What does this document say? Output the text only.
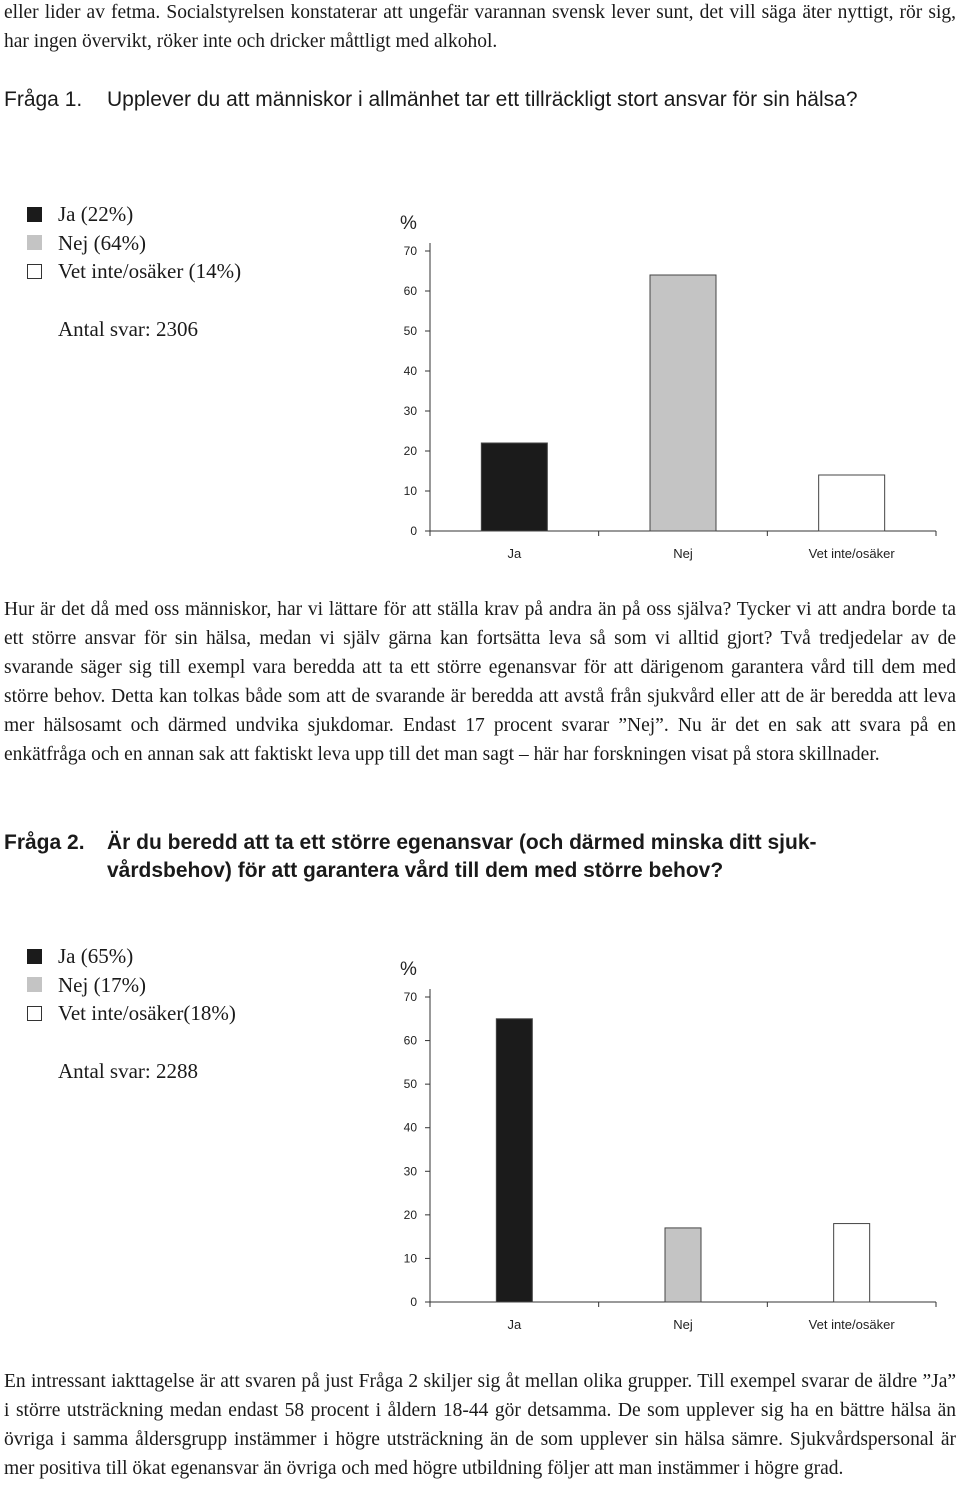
eller lider av fetma. Socialstyrelsen konstaterar att ungefär varannan svensk lever sunt, det vill säga äter nyttigt, rör sig, har ingen övervikt, röker inte och dricker måttligt med alkohol.

Fråga 1. Upplever du att människor i allmänhet tar ett tillräckligt stort ansvar för sin hälsa?
Ja (22%)
Nej (64%)
Vet inte/osäker (14%)
Antal svar: 2306
%
0
10
20
30
40
50
60
70
Ja	Nej	Vet inte/osäker

Hur är det då med oss människor, har vi lättare för att ställa krav på andra än på oss själva? Tycker vi att andra borde ta ett större ansvar för sin hälsa, medan vi själv gärna kan fortsätta leva så som vi alltid gjort? Två tredjedelar av de svarande säger sig till exempl vara beredda att ta ett större egenansvar för att därigenom garantera vård till dem med större behov. Detta kan tolkas både som att de svarande är beredda att avstå från sjukvård eller att de är beredda att leva mer hälsosamt och därmed undvika sjukdomar. Endast 17 procent svarar ”Nej”. Nu är det en sak att svara på en enkätfråga och en annan sak att faktiskt leva upp till det man sagt – här har forskningen visat på stora skillnader.

Fråga 2. Är du beredd att ta ett större egenansvar (och därmed minska ditt sjuk-vårdsbehov) för att garantera vård till dem med större behov?
Ja (65%)
Nej (17%)
Vet inte/osäker(18%)
Antal svar: 2288
%
0
10
20
30
40
50
60
70
Ja	Nej	Vet inte/osäker

En intressant iakttagelse är att svaren på just Fråga 2 skiljer sig åt mellan olika grupper. Till exempel svarar de äldre ”Ja” i större utsträckning medan endast 58 procent i åldern 18-44 gör detsamma. De som upplever sig ha en bättre hälsa än övriga i samma åldersgrupp instämmer i högre utsträckning än de som upplever sin hälsa sämre. Sjukvårdspersonal är mer positiva till ökat egenansvar än övriga och med högre utbildning följer att man instämmer i högre grad.
